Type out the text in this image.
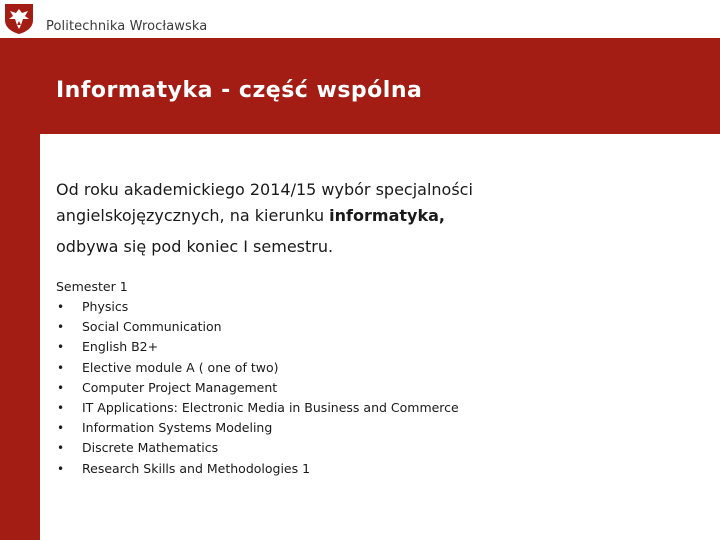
Politechnika Wrocławska
Informatyka - część wspólna
Od roku akademickiego 2014/15 wybór specjalności
angielskojęzycznych, na kierunku informatyka,
odbywa się pod koniec I semestru.
Semester 1
• Physics
• Social Communication
• English B2+
• Elective module A ( one of two)
• Computer Project Management
• IT Applications: Electronic Media in Business and Commerce
• Information Systems Modeling
• Discrete Mathematics
• Research Skills and Methodologies 1
